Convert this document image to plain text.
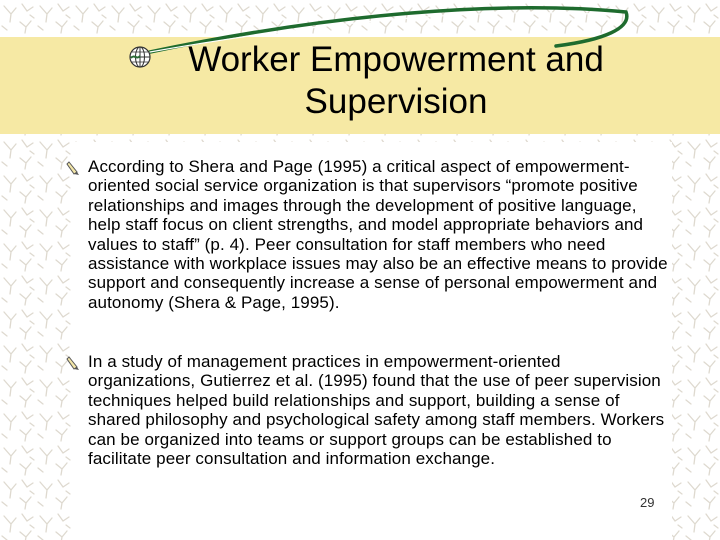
Worker Empowerment and Supervision

According to Shera and Page (1995) a critical aspect of empowerment-oriented social service organization is that supervisors “promote positive relationships and images through the development of positive language, help staff focus on client strengths, and model appropriate behaviors and values to staff” (p. 4). Peer consultation for staff members who need assistance with workplace issues may also be an effective means to provide support and consequently increase a sense of personal empowerment and autonomy (Shera & Page, 1995).

In a study of management practices in empowerment-oriented organizations, Gutierrez et al. (1995) found that the use of peer supervision techniques helped build relationships and support, building a sense of shared philosophy and psychological safety among staff members. Workers can be organized into teams or support groups can be established to facilitate peer consultation and information exchange.

29
